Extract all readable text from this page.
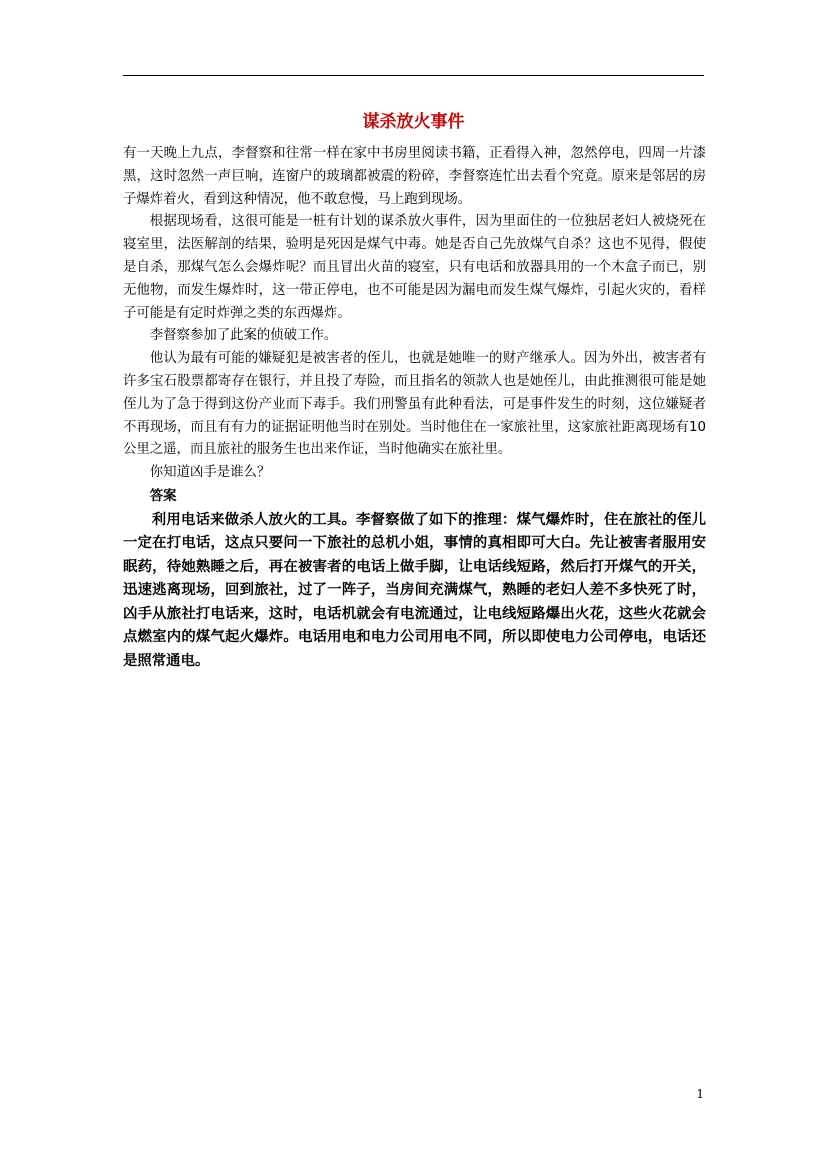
谋杀放火事件

有一天晚上九点，李督察和往常一样在家中书房里阅读书籍，正看得入神，忽然停电，四周一片漆黑，这时忽然一声巨响，连窗户的玻璃都被震的粉碎，李督察连忙出去看个究竟。原来是邻居的房子爆炸着火，看到这种情况，他不敢怠慢，马上跑到现场。

根据现场看，这很可能是一桩有计划的谋杀放火事件，因为里面住的一位独居老妇人被烧死在寝室里，法医解剖的结果，验明是死因是煤气中毒。她是否自己先放煤气自杀？这也不见得，假使是自杀，那煤气怎么会爆炸呢？而且冒出火苗的寝室，只有电话和放器具用的一个木盒子而已，别无他物，而发生爆炸时，这一带正停电，也不可能是因为漏电而发生煤气爆炸，引起火灾的，看样子可能是有定时炸弹之类的东西爆炸。

李督察参加了此案的侦破工作。

他认为最有可能的嫌疑犯是被害者的侄儿，也就是她唯一的财产继承人。因为外出，被害者有许多宝石股票都寄存在银行，并且投了寿险，而且指名的领款人也是她侄儿，由此推测很可能是她侄儿为了急于得到这份产业而下毒手。我们刑警虽有此种看法，可是事件发生的时刻，这位嫌疑者不再现场，而且有有力的证据证明他当时在别处。当时他住在一家旅社里，这家旅社距离现场有10公里之遥，而且旅社的服务生也出来作证，当时他确实在旅社里。

你知道凶手是谁么？

答案

利用电话来做杀人放火的工具。李督察做了如下的推理：煤气爆炸时，住在旅社的侄儿一定在打电话，这点只要问一下旅社的总机小姐，事情的真相即可大白。先让被害者服用安眠药，待她熟睡之后，再在被害者的电话上做手脚，让电话线短路，然后打开煤气的开关，迅速逃离现场，回到旅社，过了一阵子，当房间充满煤气，熟睡的老妇人差不多快死了时，凶手从旅社打电话来，这时，电话机就会有电流通过，让电线短路爆出火花，这些火花就会点燃室内的煤气起火爆炸。电话用电和电力公司用电不同，所以即使电力公司停电，电话还是照常通电。

1
